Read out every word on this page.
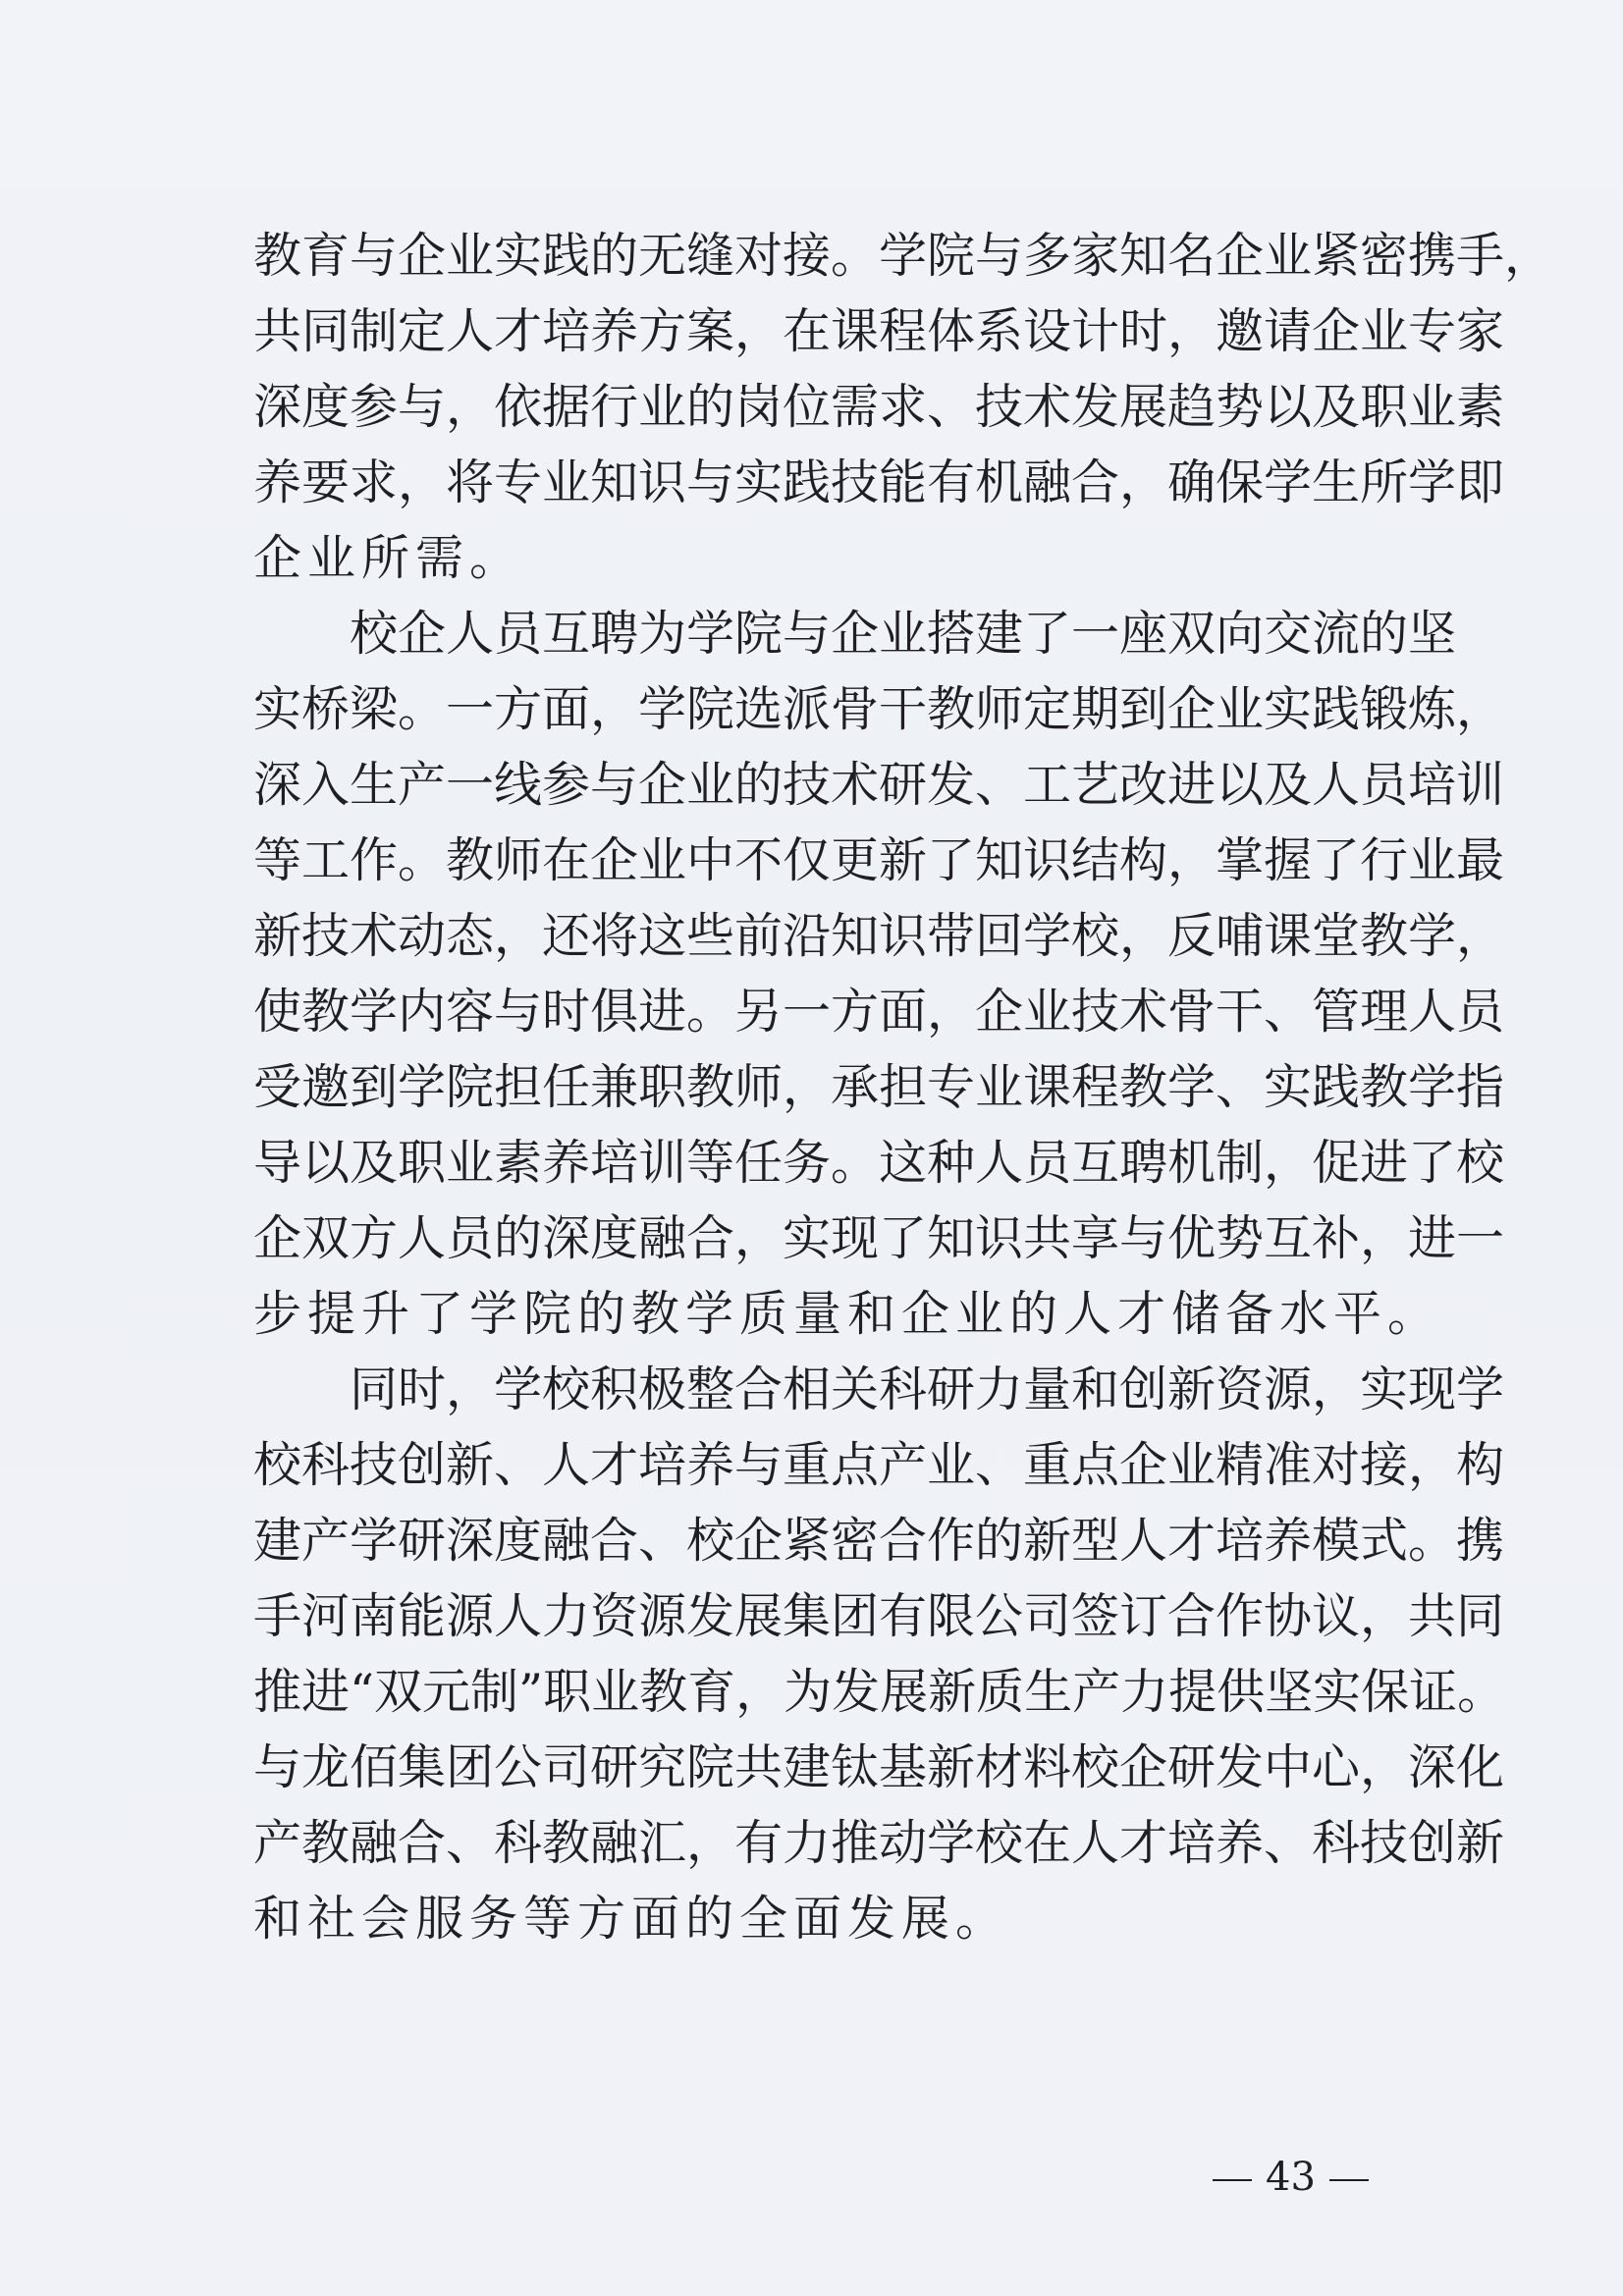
教育与企业实践的无缝对接。学院与多家知名企业紧密携手，
共同制定人才培养方案，在课程体系设计时，邀请企业专家
深度参与，依据行业的岗位需求、技术发展趋势以及职业素
养要求，将专业知识与实践技能有机融合，确保学生所学即
企业所需。
　　校企人员互聘为学院与企业搭建了一座双向交流的坚
实桥梁。一方面，学院选派骨干教师定期到企业实践锻炼，
深入生产一线参与企业的技术研发、工艺改进以及人员培训
等工作。教师在企业中不仅更新了知识结构，掌握了行业最
新技术动态，还将这些前沿知识带回学校，反哺课堂教学，
使教学内容与时俱进。另一方面，企业技术骨干、管理人员
受邀到学院担任兼职教师，承担专业课程教学、实践教学指
导以及职业素养培训等任务。这种人员互聘机制，促进了校
企双方人员的深度融合，实现了知识共享与优势互补，进一
步提升了学院的教学质量和企业的人才储备水平。
　　同时，学校积极整合相关科研力量和创新资源，实现学
校科技创新、人才培养与重点产业、重点企业精准对接，构
建产学研深度融合、校企紧密合作的新型人才培养模式。携
手河南能源人力资源发展集团有限公司签订合作协议，共同
推进“双元制”职业教育，为发展新质生产力提供坚实保证。
与龙佰集团公司研究院共建钛基新材料校企研发中心，深化
产教融合、科教融汇，有力推动学校在人才培养、科技创新
和社会服务等方面的全面发展。
43
